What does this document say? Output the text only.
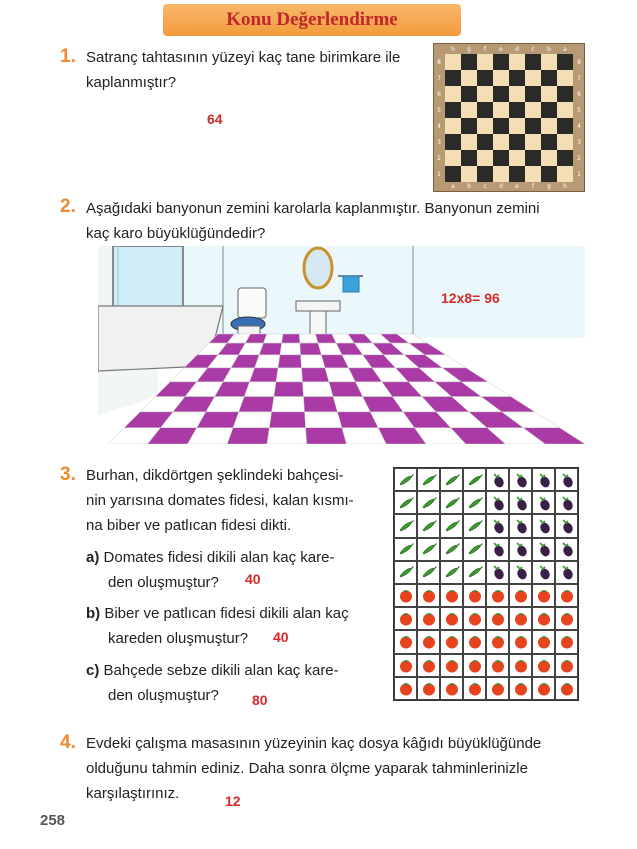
Konu Değerlendirme
1. Satranç tahtasının yüzeyi kaç tane birimkare ile
kaplanmıştır?
64
h g f e d c b a
a b c d e f g h
8
7
6
5
4
3
2
1
8
7
6
5
4
3
2
1
2. Aşağıdaki banyonun zemini karolarla kaplanmıştır. Banyonun zemini
kaç karo büyüklüğündedir?
12x8= 96
3. Burhan, dikdörtgen şeklindeki bahçesi-
nin yarısına domates fidesi, kalan kısmı-
na biber ve patlıcan fidesi dikti.
a) Domates fidesi dikili alan kaç kare-
den oluşmuştur?	40
b) Biber ve patlıcan fidesi dikili alan kaç
kareden oluşmuştur?	40
c) Bahçede sebze dikili alan kaç kare-
den oluşmuştur?	80
4. Evdeki çalışma masasının yüzeyinin kaç dosya kâğıdı büyüklüğünde
olduğunu tahmin ediniz. Daha sonra ölçme yaparak tahminlerinizle
karşılaştırınız.	12
258
